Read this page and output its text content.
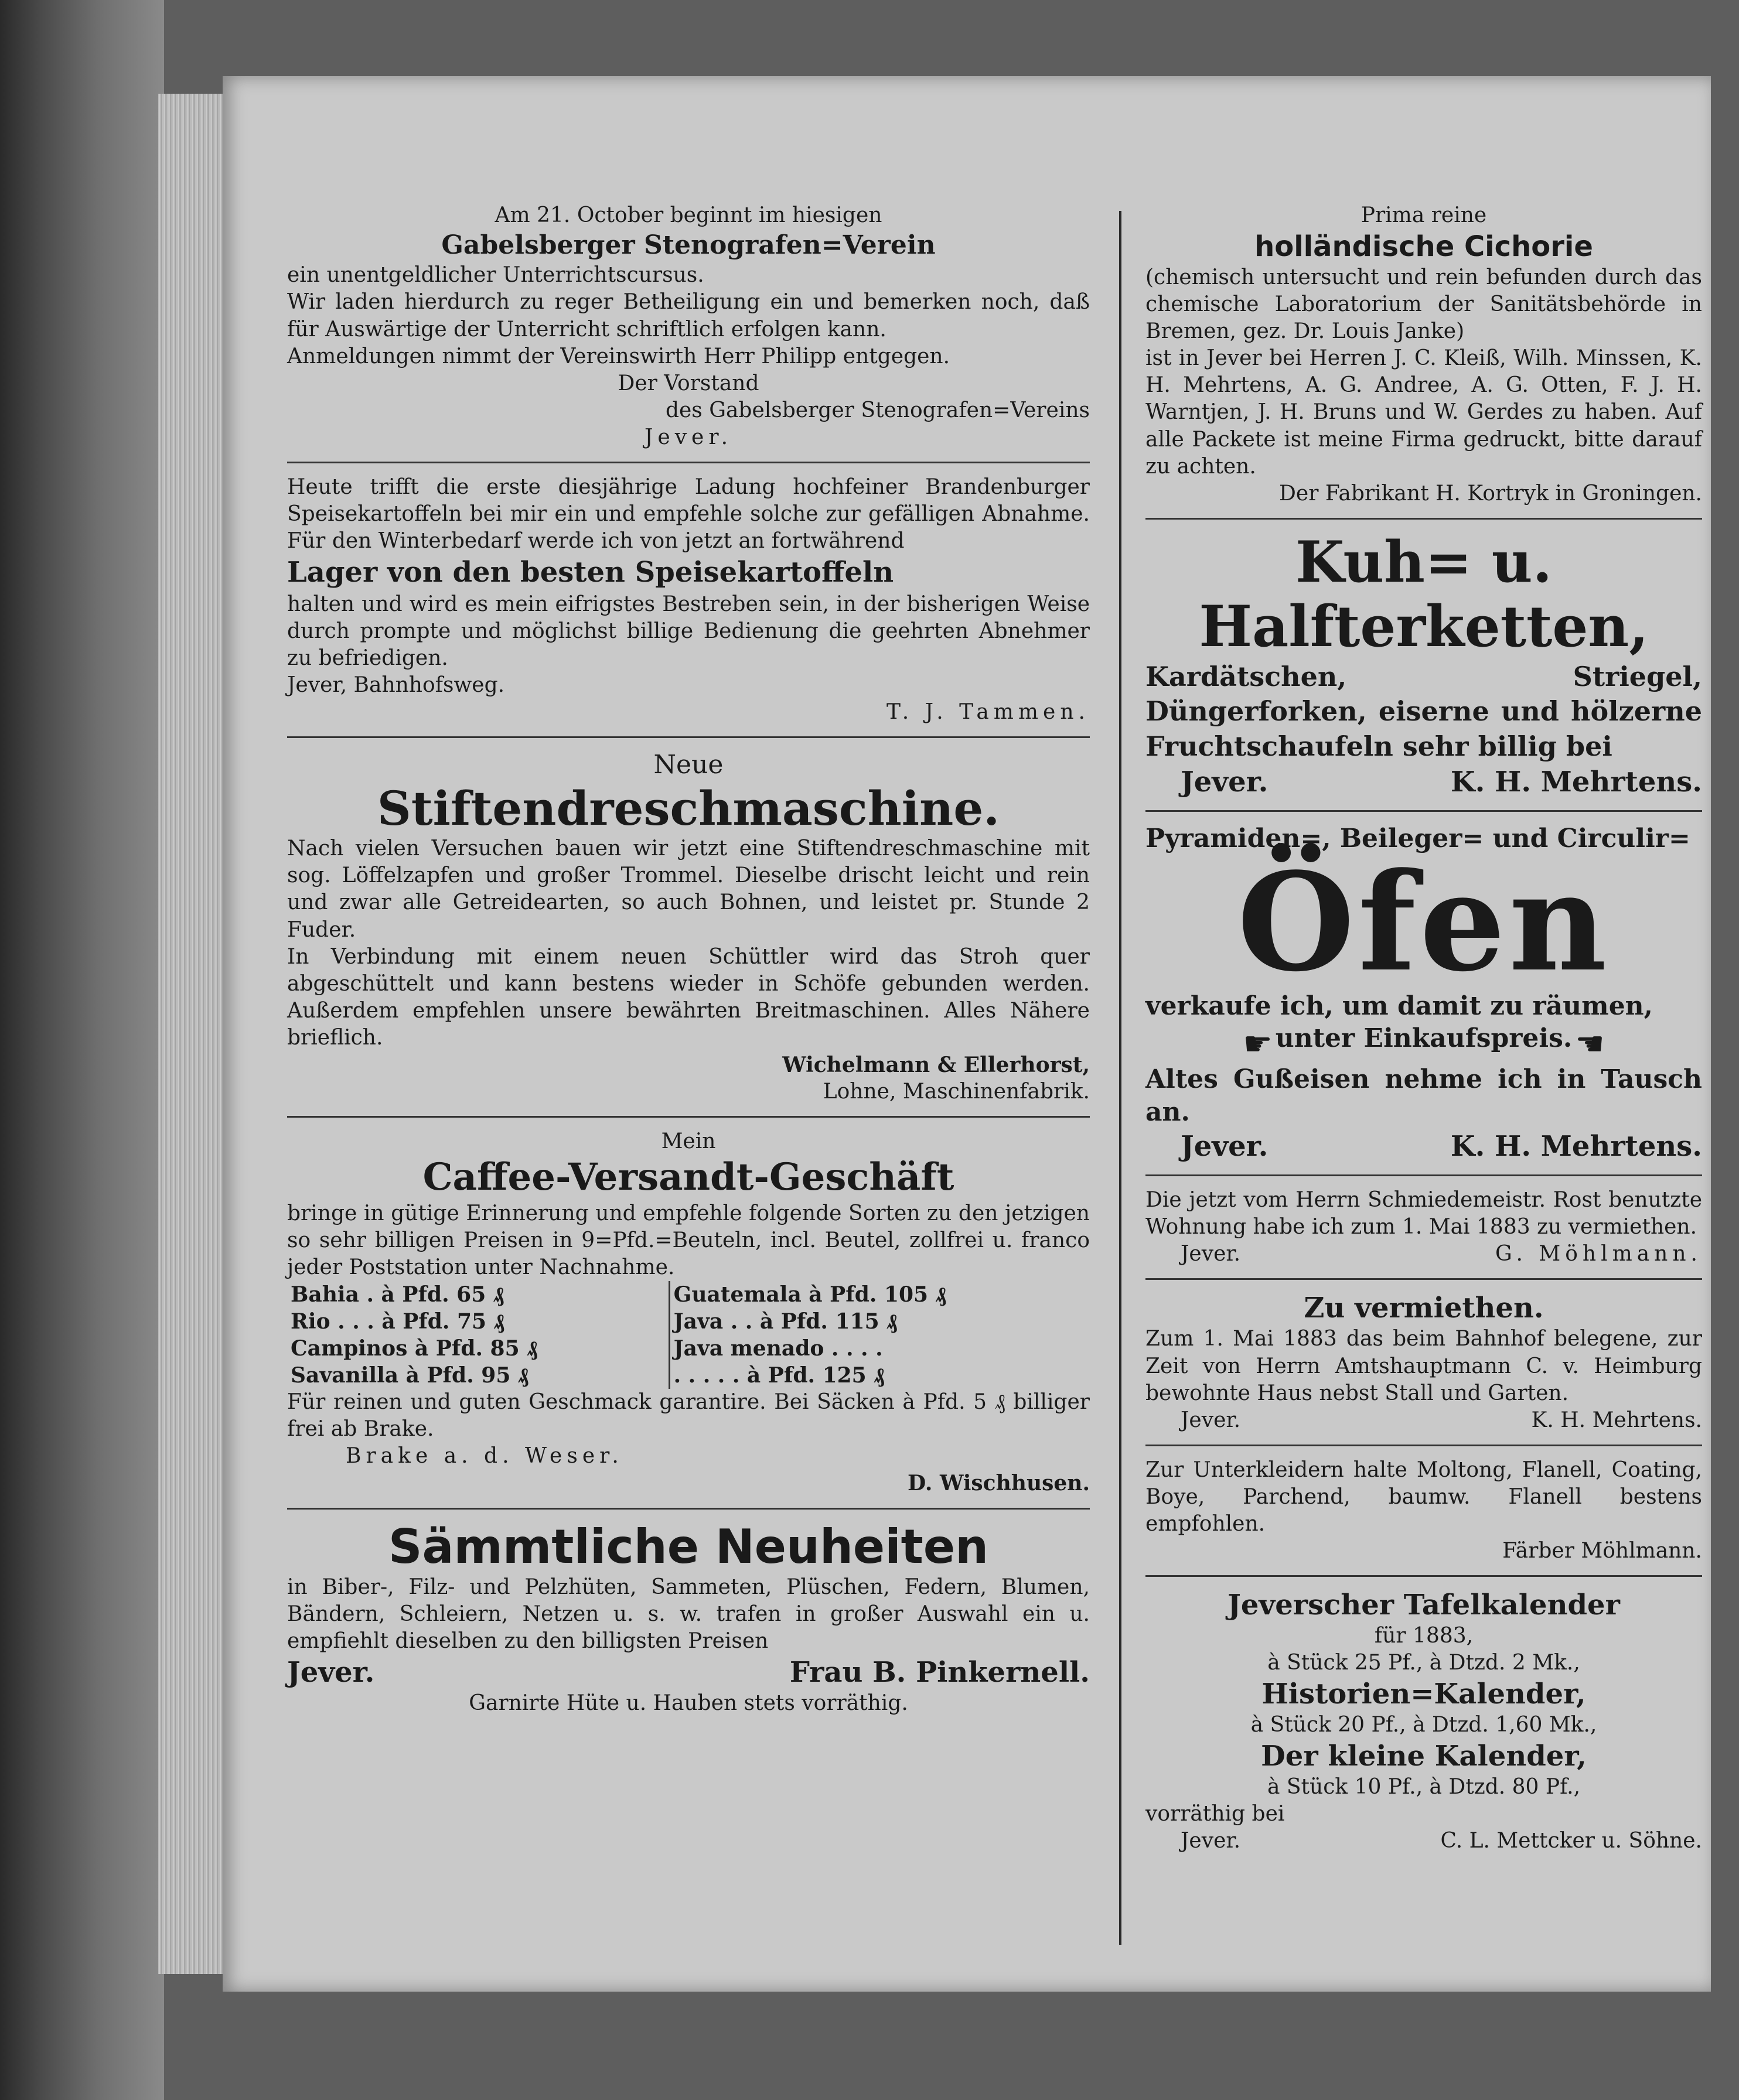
Am 21. October beginnt im hiesigen

Gabelsberger Stenografen=Verein

ein unentgeldlicher Unterrichtscursus.

Wir laden hierdurch zu reger Betheiligung ein und bemerken noch, daß für Auswärtige der Unterricht schriftlich erfolgen kann.

Anmeldungen nimmt der Vereinswirth Herr Philipp entgegen.

Der Vorstand

des Gabelsberger Stenografen=Vereins

Jever.

Heute trifft die erste diesjährige Ladung hochfeiner Brandenburger Speisekartoffeln bei mir ein und empfehle solche zur gefälligen Abnahme. Für den Winterbedarf werde ich von jetzt an fortwährend

Lager von den besten Speisekartoffeln

halten und wird es mein eifrigstes Bestreben sein, in der bisherigen Weise durch prompte und möglichst billige Bedienung die geehrten Abnehmer zu befriedigen.

Jever, Bahnhofsweg.

T. J. Tammen.

Neue

Stiftendreschmaschine.

Nach vielen Versuchen bauen wir jetzt eine Stiftendreschmaschine mit sog. Löffelzapfen und großer Trommel. Dieselbe drischt leicht und rein und zwar alle Getreidearten, so auch Bohnen, und leistet pr. Stunde 2 Fuder.

In Verbindung mit einem neuen Schüttler wird das Stroh quer abgeschüttelt und kann bestens wieder in Schöfe gebunden werden. Außerdem empfehlen unsere bewährten Breitmaschinen. Alles Nähere brieflich.

Wichelmann & Ellerhorst,

Lohne, Maschinenfabrik.

Mein

Caffee-Versandt-Geschäft

bringe in gütige Erinnerung und empfehle folgende Sorten zu den jetzigen so sehr billigen Preisen in 9=Pfd.=Beuteln, incl. Beutel, zollfrei u. franco jeder Poststation unter Nachnahme.

Bahia . à Pfd. 65 ₰	Guatemala à Pfd. 105 ₰
Rio . . . à Pfd. 75 ₰	Java . . à Pfd. 115 ₰
Campinos à Pfd. 85 ₰	Java menado . . . .
Savanilla à Pfd. 95 ₰	. . . . . à Pfd. 125 ₰

Für reinen und guten Geschmack garantire. Bei Säcken à Pfd. 5 ₰ billiger frei ab Brake.

Brake a. d. Weser.

D. Wischhusen.

Sämmtliche Neuheiten

in Biber-, Filz- und Pelzhüten, Sammeten, Plüschen, Federn, Blumen, Bändern, Schleiern, Netzen u. s. w. trafen in großer Auswahl ein u. empfiehlt dieselben zu den billigsten Preisen

Jever.	Frau B. Pinkernell.

Garnirte Hüte u. Hauben stets vorräthig.

Prima reine

holländische Cichorie

(chemisch untersucht und rein befunden durch das chemische Laboratorium der Sanitätsbehörde in Bremen, gez. Dr. Louis Janke)

ist in Jever bei Herren J. C. Kleiß, Wilh. Minssen, K. H. Mehrtens, A. G. Andree, A. G. Otten, F. J. H. Warntjen, J. H. Bruns und W. Gerdes zu haben. Auf alle Packete ist meine Firma gedruckt, bitte darauf zu achten.

Der Fabrikant H. Kortryk in Groningen.

Kuh= u. Halfterketten,

Kardätschen, Striegel, Düngerforken, eiserne und hölzerne Fruchtschaufeln sehr billig bei

Jever.	K. H. Mehrtens.

Pyramiden=, Beileger= und Circulir=

Öfen

verkaufe ich, um damit zu räumen,

☛ unter Einkaufspreis. ☚

Altes Gußeisen nehme ich in Tausch an.

Jever.	K. H. Mehrtens.

Die jetzt vom Herrn Schmiedemeistr. Rost benutzte Wohnung habe ich zum 1. Mai 1883 zu vermiethen.

Jever.	G. Möhlmann.

Zu vermiethen.

Zum 1. Mai 1883 das beim Bahnhof belegene, zur Zeit von Herrn Amtshauptmann C. v. Heimburg bewohnte Haus nebst Stall und Garten.

Jever.	K. H. Mehrtens.

Zur Unterkleidern halte Moltong, Flanell, Coating, Boye, Parchend, baumw. Flanell bestens empfohlen.

Färber Möhlmann.

Jeverscher Tafelkalender

für 1883,

à Stück 25 Pf., à Dtzd. 2 Mk.,

Historien=Kalender,

à Stück 20 Pf., à Dtzd. 1,60 Mk.,

Der kleine Kalender,

à Stück 10 Pf., à Dtzd. 80 Pf.,

vorräthig bei

Jever.	C. L. Mettcker u. Söhne.
